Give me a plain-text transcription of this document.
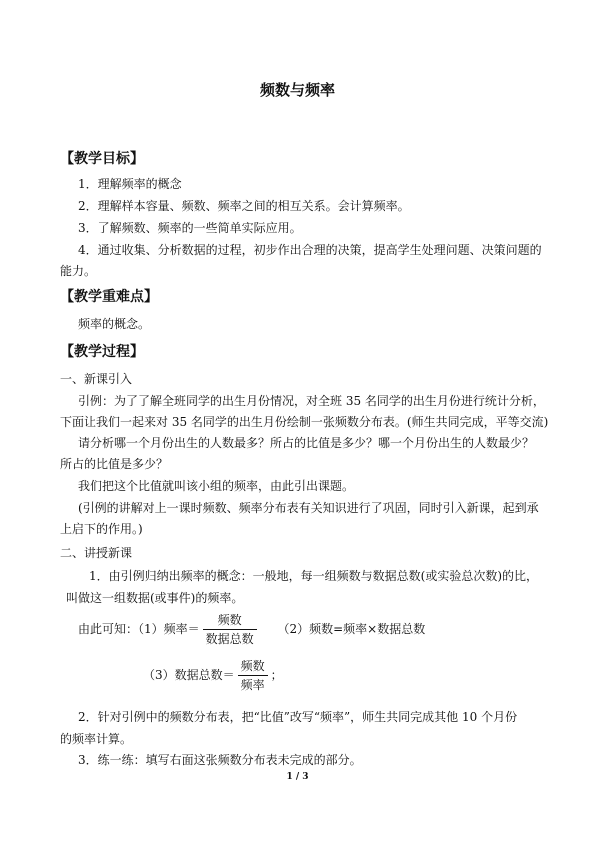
频数与频率
【教学目标】
1．理解频率的概念
2．理解样本容量、频数、频率之间的相互关系。会计算频率。
3．了解频数、频率的一些简单实际应用。
4．通过收集、分析数据的过程，初步作出合理的决策，提高学生处理问题、决策问题的
能力。
【教学重难点】
频率的概念。
【教学过程】
一、新课引入
引例：为了了解全班同学的出生月份情况，对全班 35 名同学的出生月份进行统计分析，
下面让我们一起来对 35 名同学的出生月份绘制一张频数分布表。(师生共同完成，平等交流)
请分析哪一个月份出生的人数最多？所占的比值是多少？哪一个月份出生的人数最少？
所占的比值是多少？
我们把这个比值就叫该小组的频率，由此引出课题。
(引例的讲解对上一课时频数、频率分布表有关知识进行了巩固，同时引入新课，起到承
上启下的作用。)
二、讲授新课
1．由引例归纳出频率的概念：一般地，每一组频数与数据总数(或实验总次数)的比，
叫做这一组数据(或事件)的频率。
由此可知：（1）频率＝ $\frac{\text{频数}}{\text{数据总数}} (2)$频数=频率×数据总数
（3）数据总数＝ $\frac{\text{频数}}{\text{频率}}$ ；
2．针对引例中的频数分布表，把“比值”改写“频率”，师生共同完成其他 10 个月份
的频率计算。
3．练一练：填写右面这张频数分布表未完成的部分。
1 / 3
